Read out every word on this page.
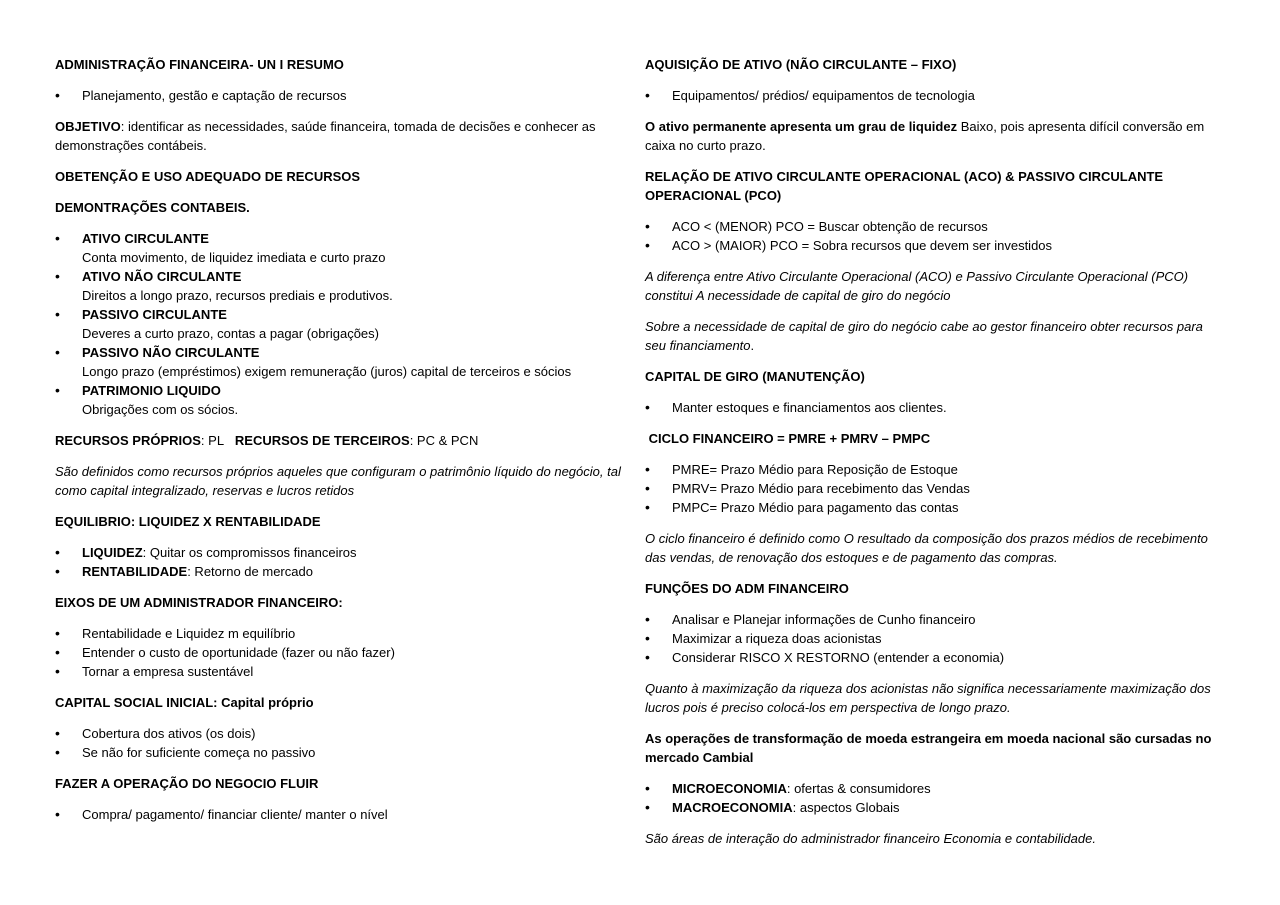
ADMINISTRAÇÃO FINANCEIRA- UN I RESUMO

• Planejamento, gestão e captação de recursos

OBJETIVO: identificar as necessidades, saúde financeira, tomada de decisões e conhecer as demonstrações contábeis.

OBETENÇÃO E USO ADEQUADO DE RECURSOS

DEMONTRAÇÕES CONTABEIS.

• ATIVO CIRCULANTE
Conta movimento, de liquidez imediata e curto prazo
• ATIVO NÃO CIRCULANTE
Direitos a longo prazo, recursos prediais e produtivos.
• PASSIVO CIRCULANTE
Deveres a curto prazo, contas a pagar (obrigações)
• PASSIVO NÃO CIRCULANTE
Longo prazo (empréstimos) exigem remuneração (juros) capital de terceiros e sócios
• PATRIMONIO LIQUIDO
Obrigações com os sócios.

RECURSOS PRÓPRIOS: PL RECURSOS DE TERCEIROS: PC & PCN

São definidos como recursos próprios aqueles que configuram o patrimônio líquido do negócio, tal como capital integralizado, reservas e lucros retidos

EQUILIBRIO: LIQUIDEZ X RENTABILIDADE

• LIQUIDEZ: Quitar os compromissos financeiros
• RENTABILIDADE: Retorno de mercado

EIXOS DE UM ADMINISTRADOR FINANCEIRO:

• Rentabilidade e Liquidez m equilíbrio
• Entender o custo de oportunidade (fazer ou não fazer)
• Tornar a empresa sustentável

CAPITAL SOCIAL INICIAL: Capital próprio

• Cobertura dos ativos (os dois)
• Se não for suficiente começa no passivo

FAZER A OPERAÇÃO DO NEGOCIO FLUIR

• Compra/ pagamento/ financiar cliente/ manter o nível

AQUISIÇÃO DE ATIVO (NÃO CIRCULANTE – FIXO)

• Equipamentos/ prédios/ equipamentos de tecnologia

O ativo permanente apresenta um grau de liquidez Baixo, pois apresenta difícil conversão em caixa no curto prazo.

RELAÇÃO DE ATIVO CIRCULANTE OPERACIONAL (ACO) & PASSIVO CIRCULANTE OPERACIONAL (PCO)

• ACO < (MENOR) PCO = Buscar obtenção de recursos
• ACO > (MAIOR) PCO = Sobra recursos que devem ser investidos

A diferença entre Ativo Circulante Operacional (ACO) e Passivo Circulante Operacional (PCO) constitui A necessidade de capital de giro do negócio

Sobre a necessidade de capital de giro do negócio cabe ao gestor financeiro obter recursos para seu financiamento.

CAPITAL DE GIRO (MANUTENÇÃO)

• Manter estoques e financiamentos aos clientes.

CICLO FINANCEIRO = PMRE + PMRV – PMPC

• PMRE= Prazo Médio para Reposição de Estoque
• PMRV= Prazo Médio para recebimento das Vendas
• PMPC= Prazo Médio para pagamento das contas

O ciclo financeiro é definido como O resultado da composição dos prazos médios de recebimento das vendas, de renovação dos estoques e de pagamento das compras.

FUNÇÕES DO ADM FINANCEIRO

• Analisar e Planejar informações de Cunho financeiro
• Maximizar a riqueza doas acionistas
• Considerar RISCO X RESTORNO (entender a economia)

Quanto à maximização da riqueza dos acionistas não significa necessariamente maximização dos lucros pois é preciso colocá-los em perspectiva de longo prazo.

As operações de transformação de moeda estrangeira em moeda nacional são cursadas no mercado Cambial

• MICROECONOMIA: ofertas & consumidores
• MACROECONOMIA: aspectos Globais

São áreas de interação do administrador financeiro Economia e contabilidade.
